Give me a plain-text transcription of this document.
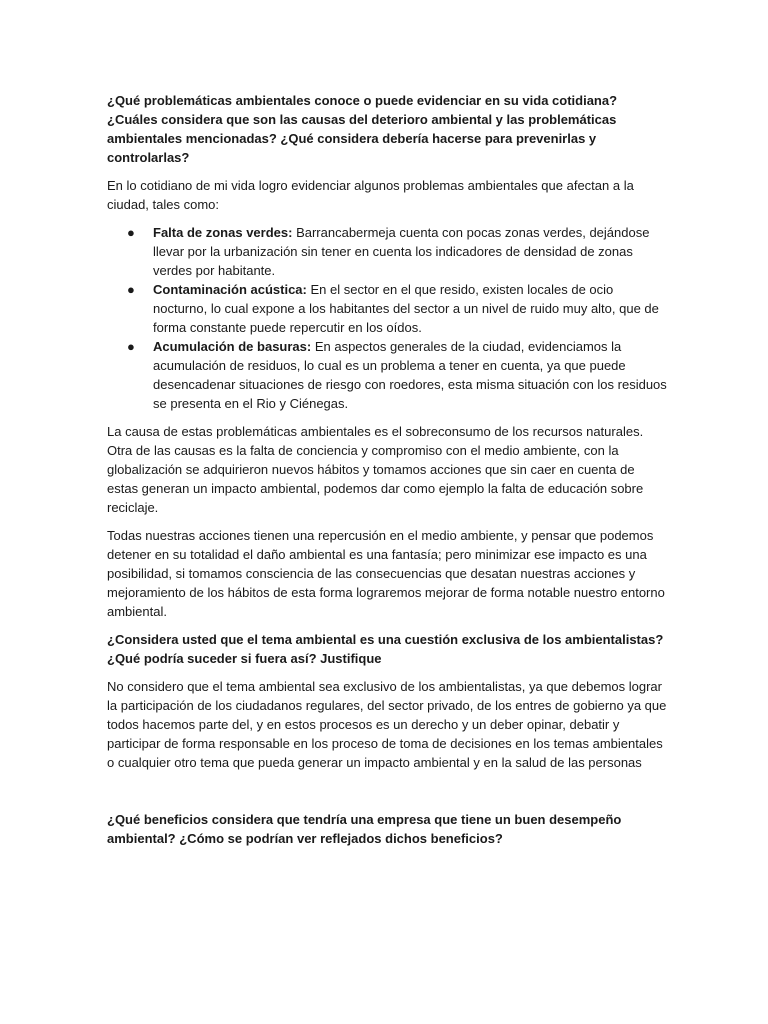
¿Qué problemáticas ambientales conoce o puede evidenciar en su vida cotidiana? ¿Cuáles considera que son las causas del deterioro ambiental y las problemáticas ambientales mencionadas? ¿Qué considera debería hacerse para prevenirlas y controlarlas?

En lo cotidiano de mi vida logro evidenciar algunos problemas ambientales que afectan a la ciudad, tales como:

● Falta de zonas verdes: Barrancabermeja cuenta con pocas zonas verdes, dejándose llevar por la urbanización sin tener en cuenta los indicadores de densidad de zonas verdes por habitante.
● Contaminación acústica: En el sector en el que resido, existen locales de ocio nocturno, lo cual expone a los habitantes del sector a un nivel de ruido muy alto, que de forma constante puede repercutir en los oídos.
● Acumulación de basuras: En aspectos generales de la ciudad, evidenciamos la acumulación de residuos, lo cual es un problema a tener en cuenta, ya que puede desencadenar situaciones de riesgo con roedores, esta misma situación con los residuos se presenta en el Rio y Ciénegas.

La causa de estas problemáticas ambientales es el sobreconsumo de los recursos naturales. Otra de las causas es la falta de conciencia y compromiso con el medio ambiente, con la globalización se adquirieron nuevos hábitos y tomamos acciones que sin caer en cuenta de estas generan un impacto ambiental, podemos dar como ejemplo la falta de educación sobre reciclaje.

Todas nuestras acciones tienen una repercusión en el medio ambiente, y pensar que podemos detener en su totalidad el daño ambiental es una fantasía; pero minimizar ese impacto es una posibilidad, si tomamos consciencia de las consecuencias que desatan nuestras acciones y mejoramiento de los hábitos de esta forma lograremos mejorar de forma notable nuestro entorno ambiental.

¿Considera usted que el tema ambiental es una cuestión exclusiva de los ambientalistas? ¿Qué podría suceder si fuera así? Justifique

No considero que el tema ambiental sea exclusivo de los ambientalistas, ya que debemos lograr la participación de los ciudadanos regulares, del sector privado, de los entres de gobierno ya que todos hacemos parte del, y en estos procesos es un derecho y un deber opinar, debatir y participar de forma responsable en los proceso de toma de decisiones en los temas ambientales o cualquier otro tema que pueda generar un impacto ambiental y en la salud de las personas

¿Qué beneficios considera que tendría una empresa que tiene un buen desempeño ambiental? ¿Cómo se podrían ver reflejados dichos beneficios?
